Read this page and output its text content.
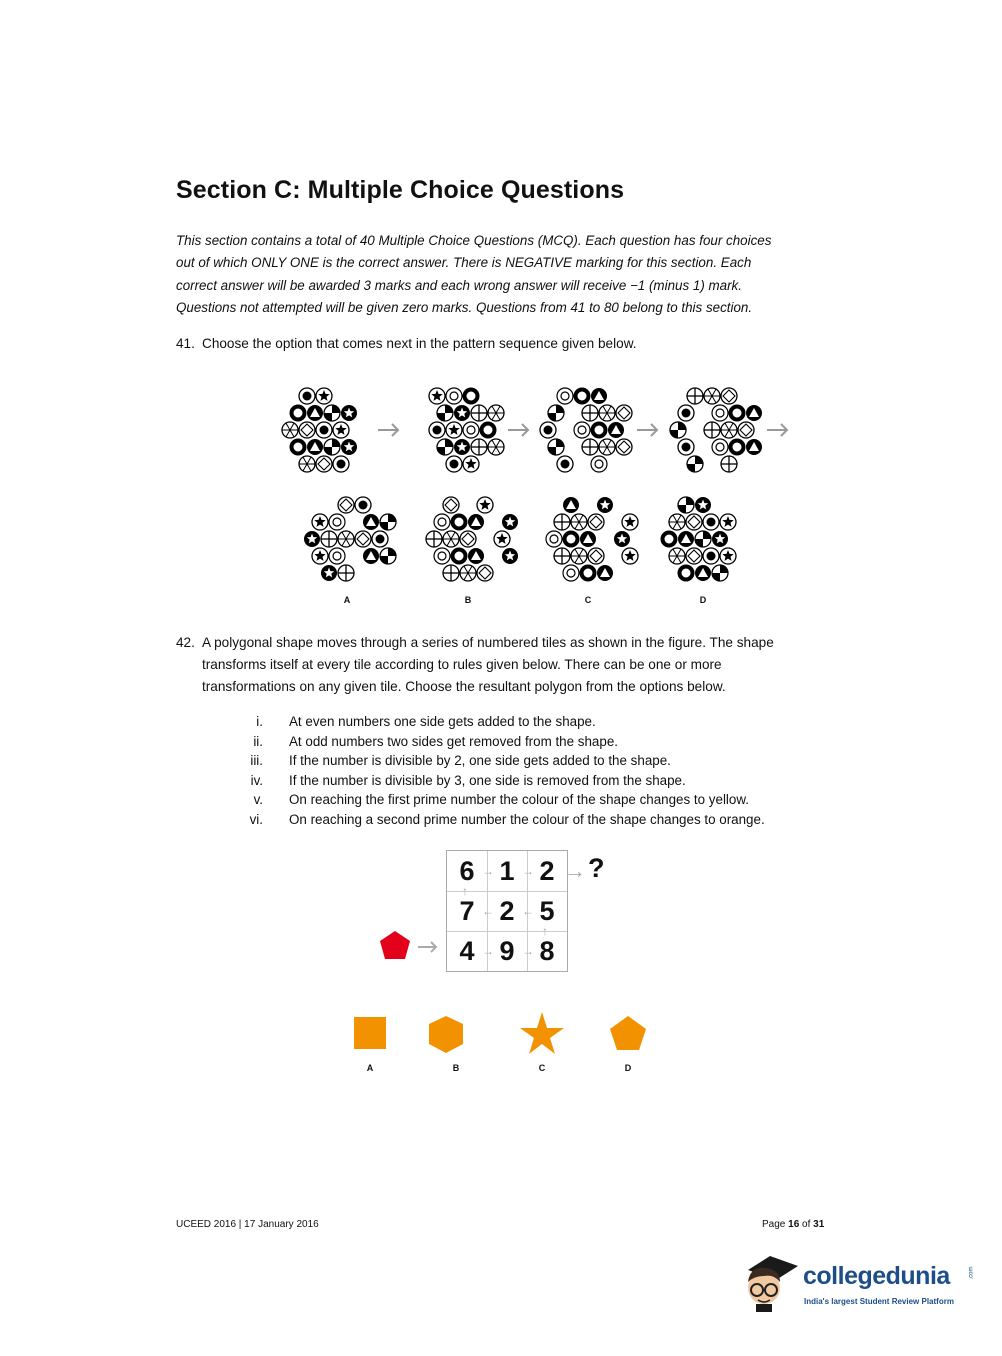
Section C: Multiple Choice Questions
This section contains a total of 40 Multiple Choice Questions (MCQ). Each question has four choices
out of which ONLY ONE is the correct answer. There is NEGATIVE marking for this section. Each
correct answer will be awarded 3 marks and each wrong answer will receive −1 (minus 1) mark.
Questions not attempted will be given zero marks. Questions from 41 to 80 belong to this section.
41. Choose the option that comes next in the pattern sequence given below.
A	B	C	D
42. A polygonal shape moves through a series of numbered tiles as shown in the figure. The shape
transforms itself at every tile according to rules given below. There can be one or more
transformations on any given tile. Choose the resultant polygon from the options below.
i. At even numbers one side gets added to the shape.
ii. At odd numbers two sides get removed from the shape.
iii. If the number is divisible by 2, one side gets added to the shape.
iv. If the number is divisible by 3, one side is removed from the shape.
v. On reaching the first prime number the colour of the shape changes to yellow.
vi. On reaching a second prime number the colour of the shape changes to orange.
6 1 2
7 2 5
4 9 8
→ →
↑
← ←
↑
→ →
→ ?
A	B	C	D
UCEED 2016 | 17 January 2016	Page 16 of 31
collegedunia	.com
India's largest Student Review Platform
